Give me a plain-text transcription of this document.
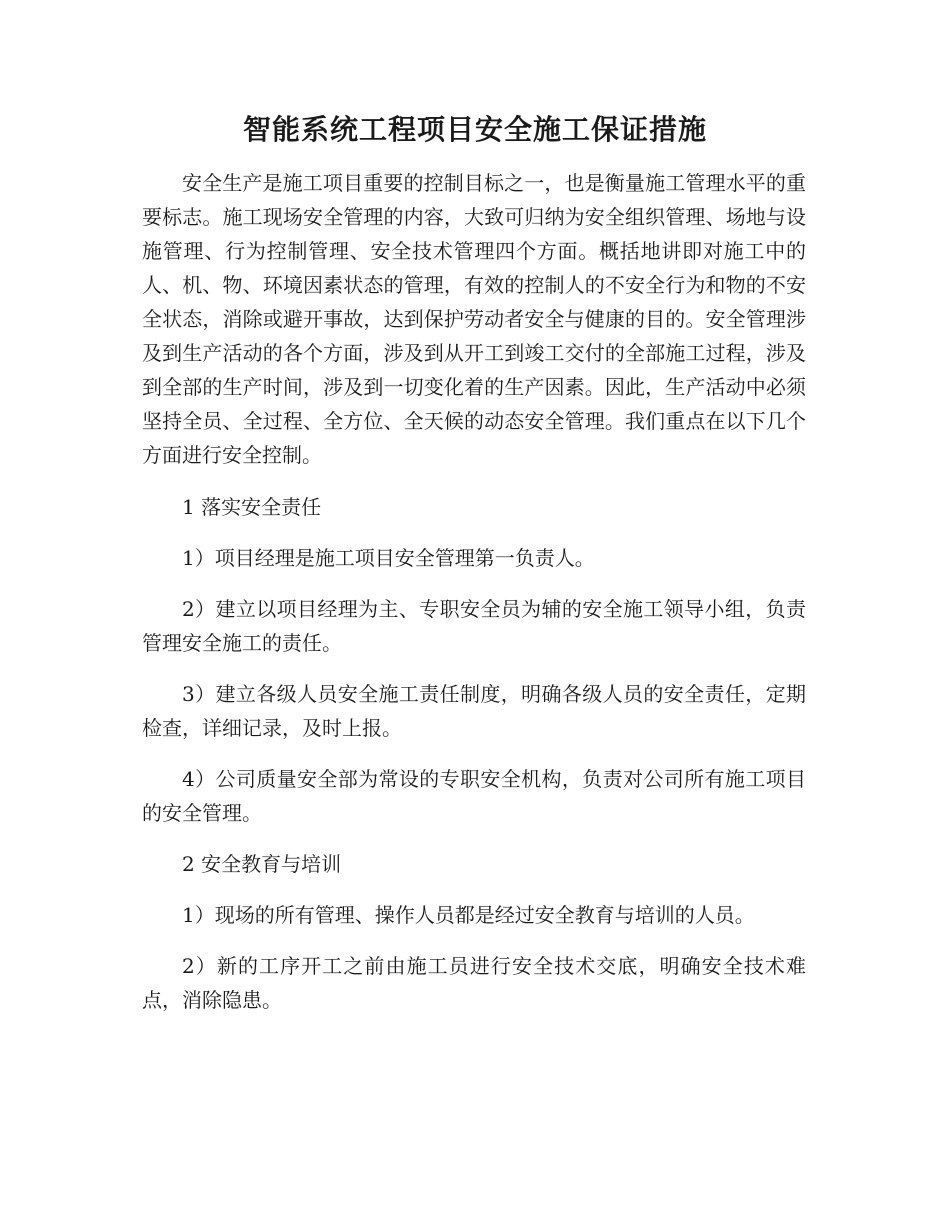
智能系统工程项目安全施工保证措施

安全生产是施工项目重要的控制目标之一，也是衡量施工管理水平的重要标志。施工现场安全管理的内容，大致可归纳为安全组织管理、场地与设施管理、行为控制管理、安全技术管理四个方面。概括地讲即对施工中的人、机、物、环境因素状态的管理，有效的控制人的不安全行为和物的不安全状态，消除或避开事故，达到保护劳动者安全与健康的目的。安全管理涉及到生产活动的各个方面，涉及到从开工到竣工交付的全部施工过程，涉及到全部的生产时间，涉及到一切变化着的生产因素。因此，生产活动中必须坚持全员、全过程、全方位、全天候的动态安全管理。我们重点在以下几个方面进行安全控制。

1 落实安全责任

1）项目经理是施工项目安全管理第一负责人。

2）建立以项目经理为主、专职安全员为辅的安全施工领导小组，负责管理安全施工的责任。

3）建立各级人员安全施工责任制度，明确各级人员的安全责任，定期检查，详细记录，及时上报。

4）公司质量安全部为常设的专职安全机构，负责对公司所有施工项目的安全管理。

2 安全教育与培训

1）现场的所有管理、操作人员都是经过安全教育与培训的人员。

2）新的工序开工之前由施工员进行安全技术交底，明确安全技术难点，消除隐患。
